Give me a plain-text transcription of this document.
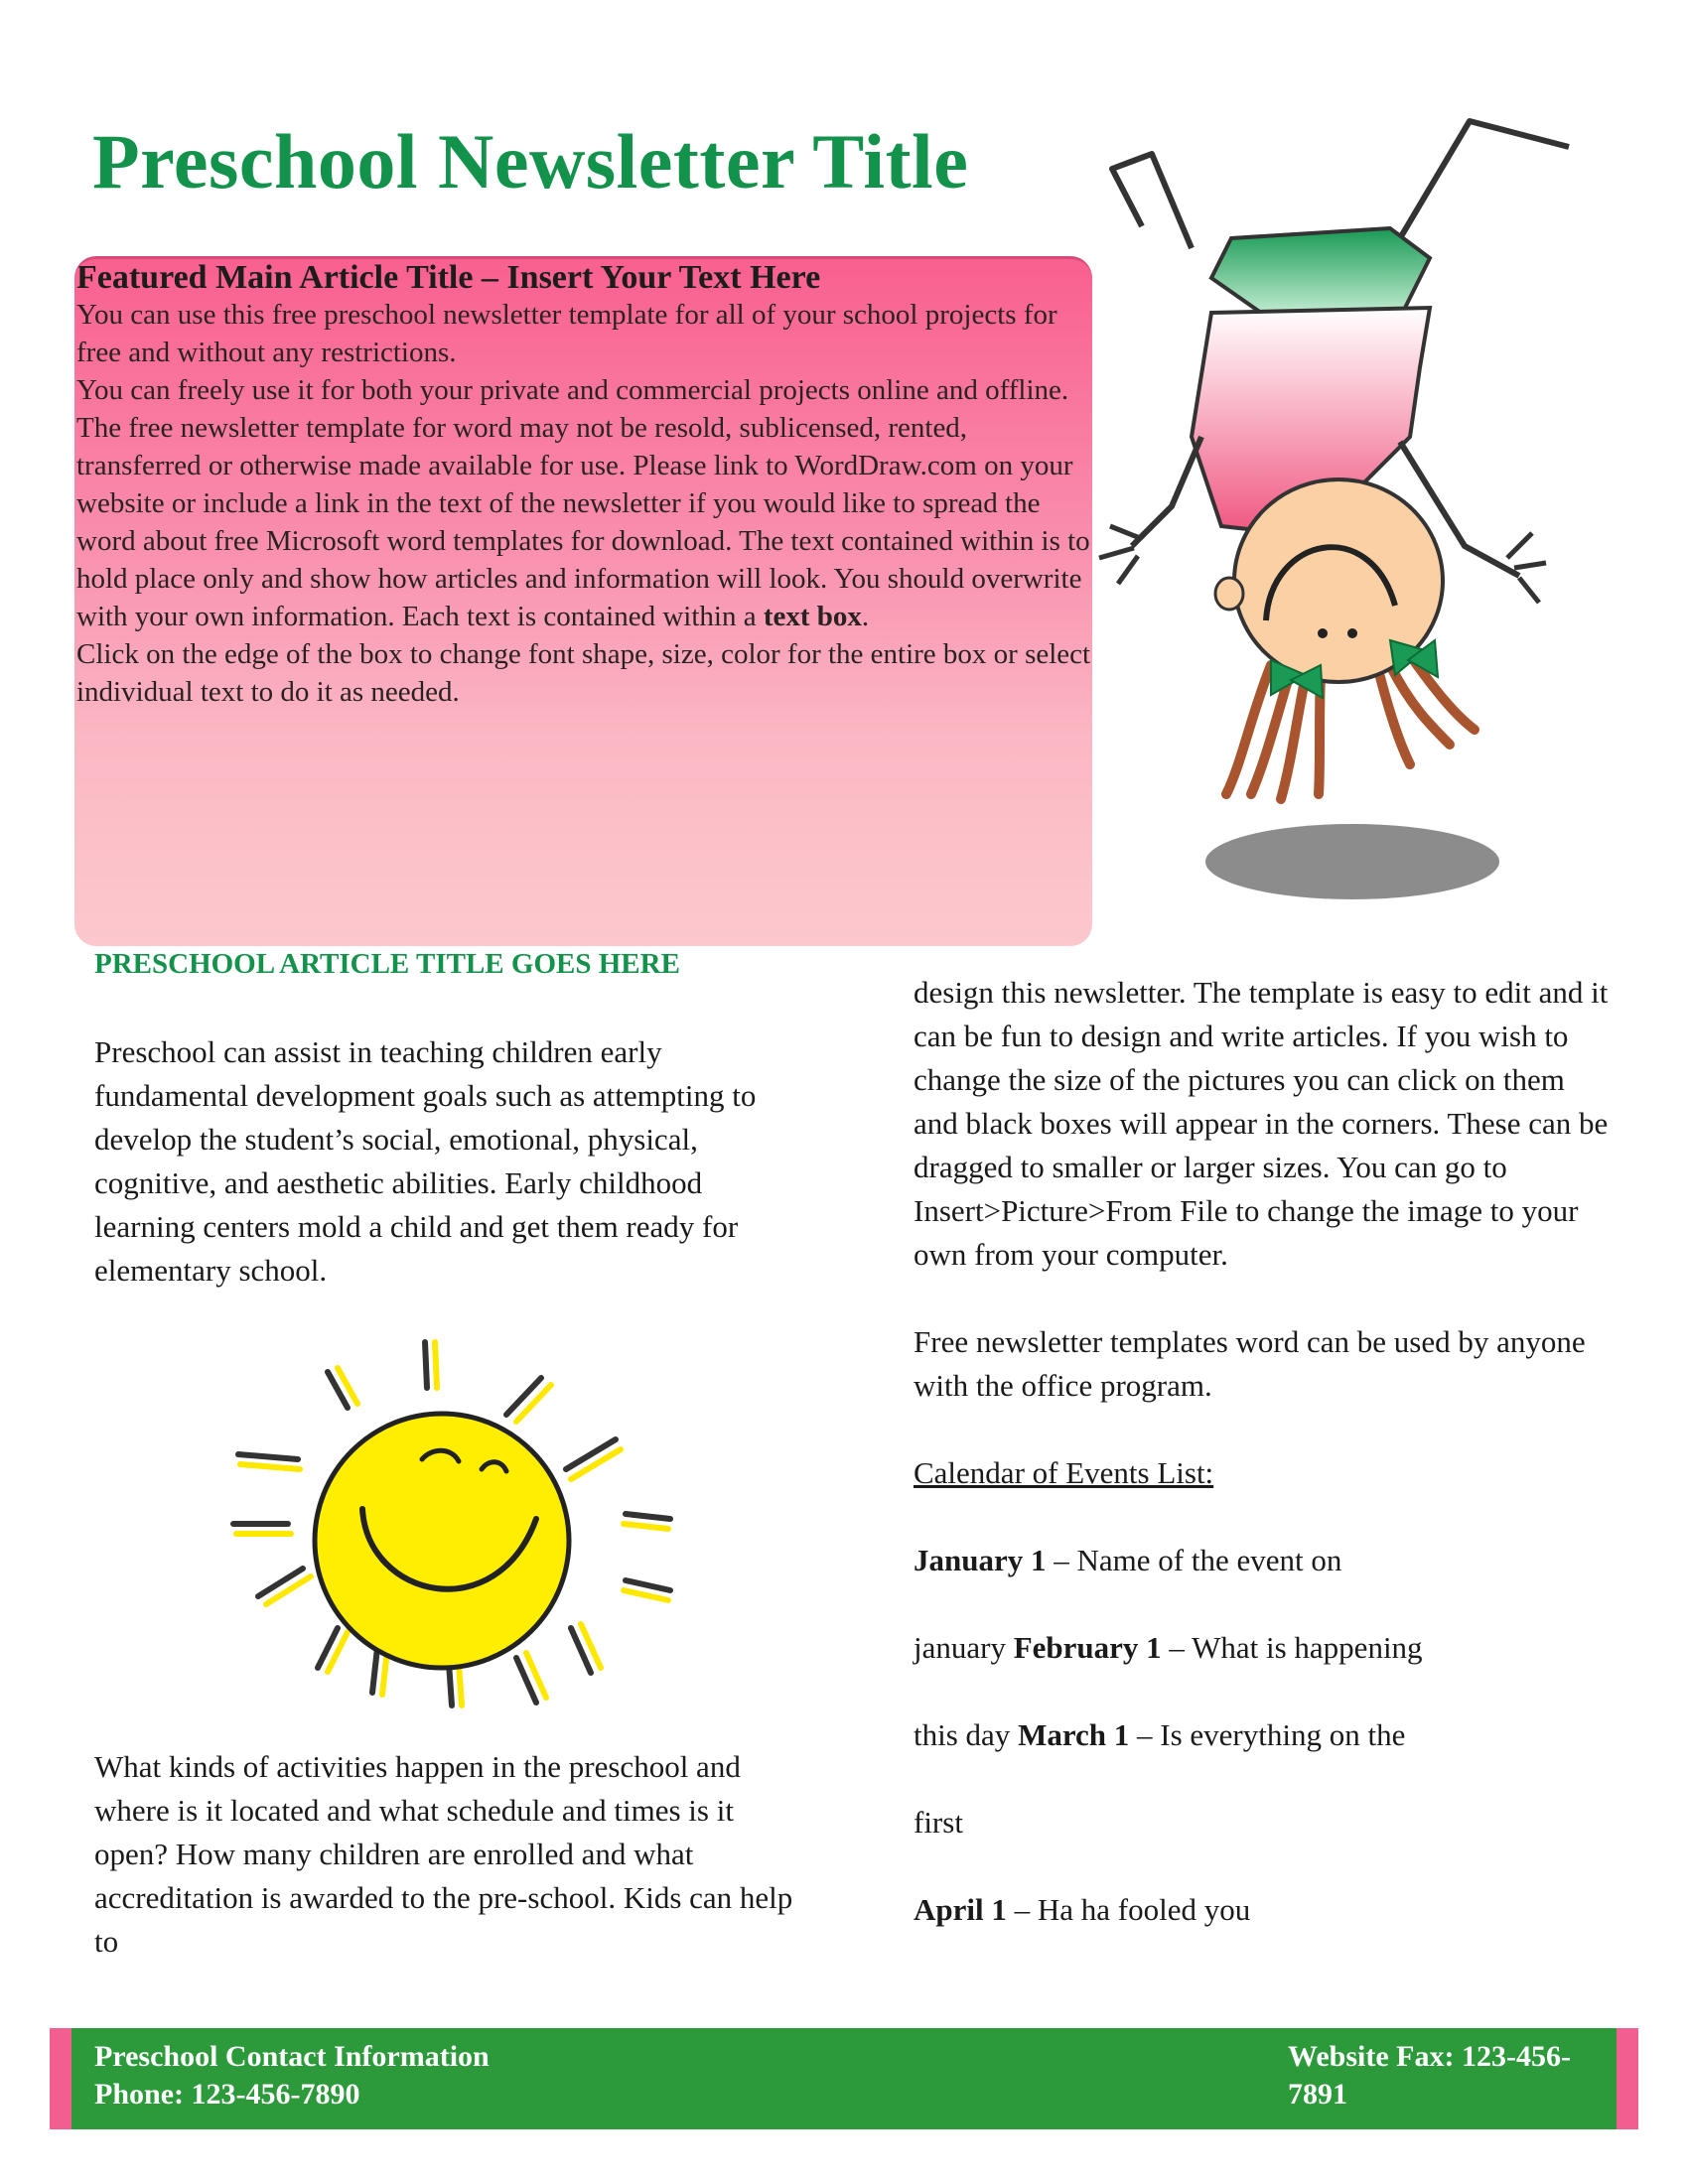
Preschool Newsletter Title
Featured Main Article Title – Insert Your Text Here

You can use this free preschool newsletter template for all of your school projects for free and without any restrictions.

You can freely use it for both your private and commercial projects online and offline. The free newsletter template for word may not be resold, sublicensed, rented, transferred or otherwise made available for use. Please link to WordDraw.com on your website or include a link in the text of the newsletter if you would like to spread the word about free Microsoft word templates for download. The text contained within is to hold place only and show how articles and information will look. You should overwrite with your own information. Each text is contained within a text box.

Click on the edge of the box to change font shape, size, color for the entire box or select individual text to do it as needed.

PRESCHOOL ARTICLE TITLE GOES HERE

Preschool can assist in teaching children early fundamental development goals such as attempting to develop the student’s social, emotional, physical, cognitive, and aesthetic abilities. Early childhood learning centers mold a child and get them ready for elementary school.

What kinds of activities happen in the preschool and where is it located and what schedule and times is it open? How many children are enrolled and what accreditation is awarded to the pre-school. Kids can help to

design this newsletter. The template is easy to edit and it can be fun to design and write articles. If you wish to change the size of the pictures you can click on them and black boxes will appear in the corners. These can be dragged to smaller or larger sizes. You can go to Insert>Picture>From File to change the image to your own from your computer.

Free newsletter templates word can be used by anyone with the office program.

Calendar of Events List:

January 1 – Name of the event on

january February 1 – What is happening

this day March 1 – Is everything on the

first

April 1 – Ha ha fooled you

Preschool Contact Information
Phone: 123-456-7890
Website Fax: 123-456-7891
